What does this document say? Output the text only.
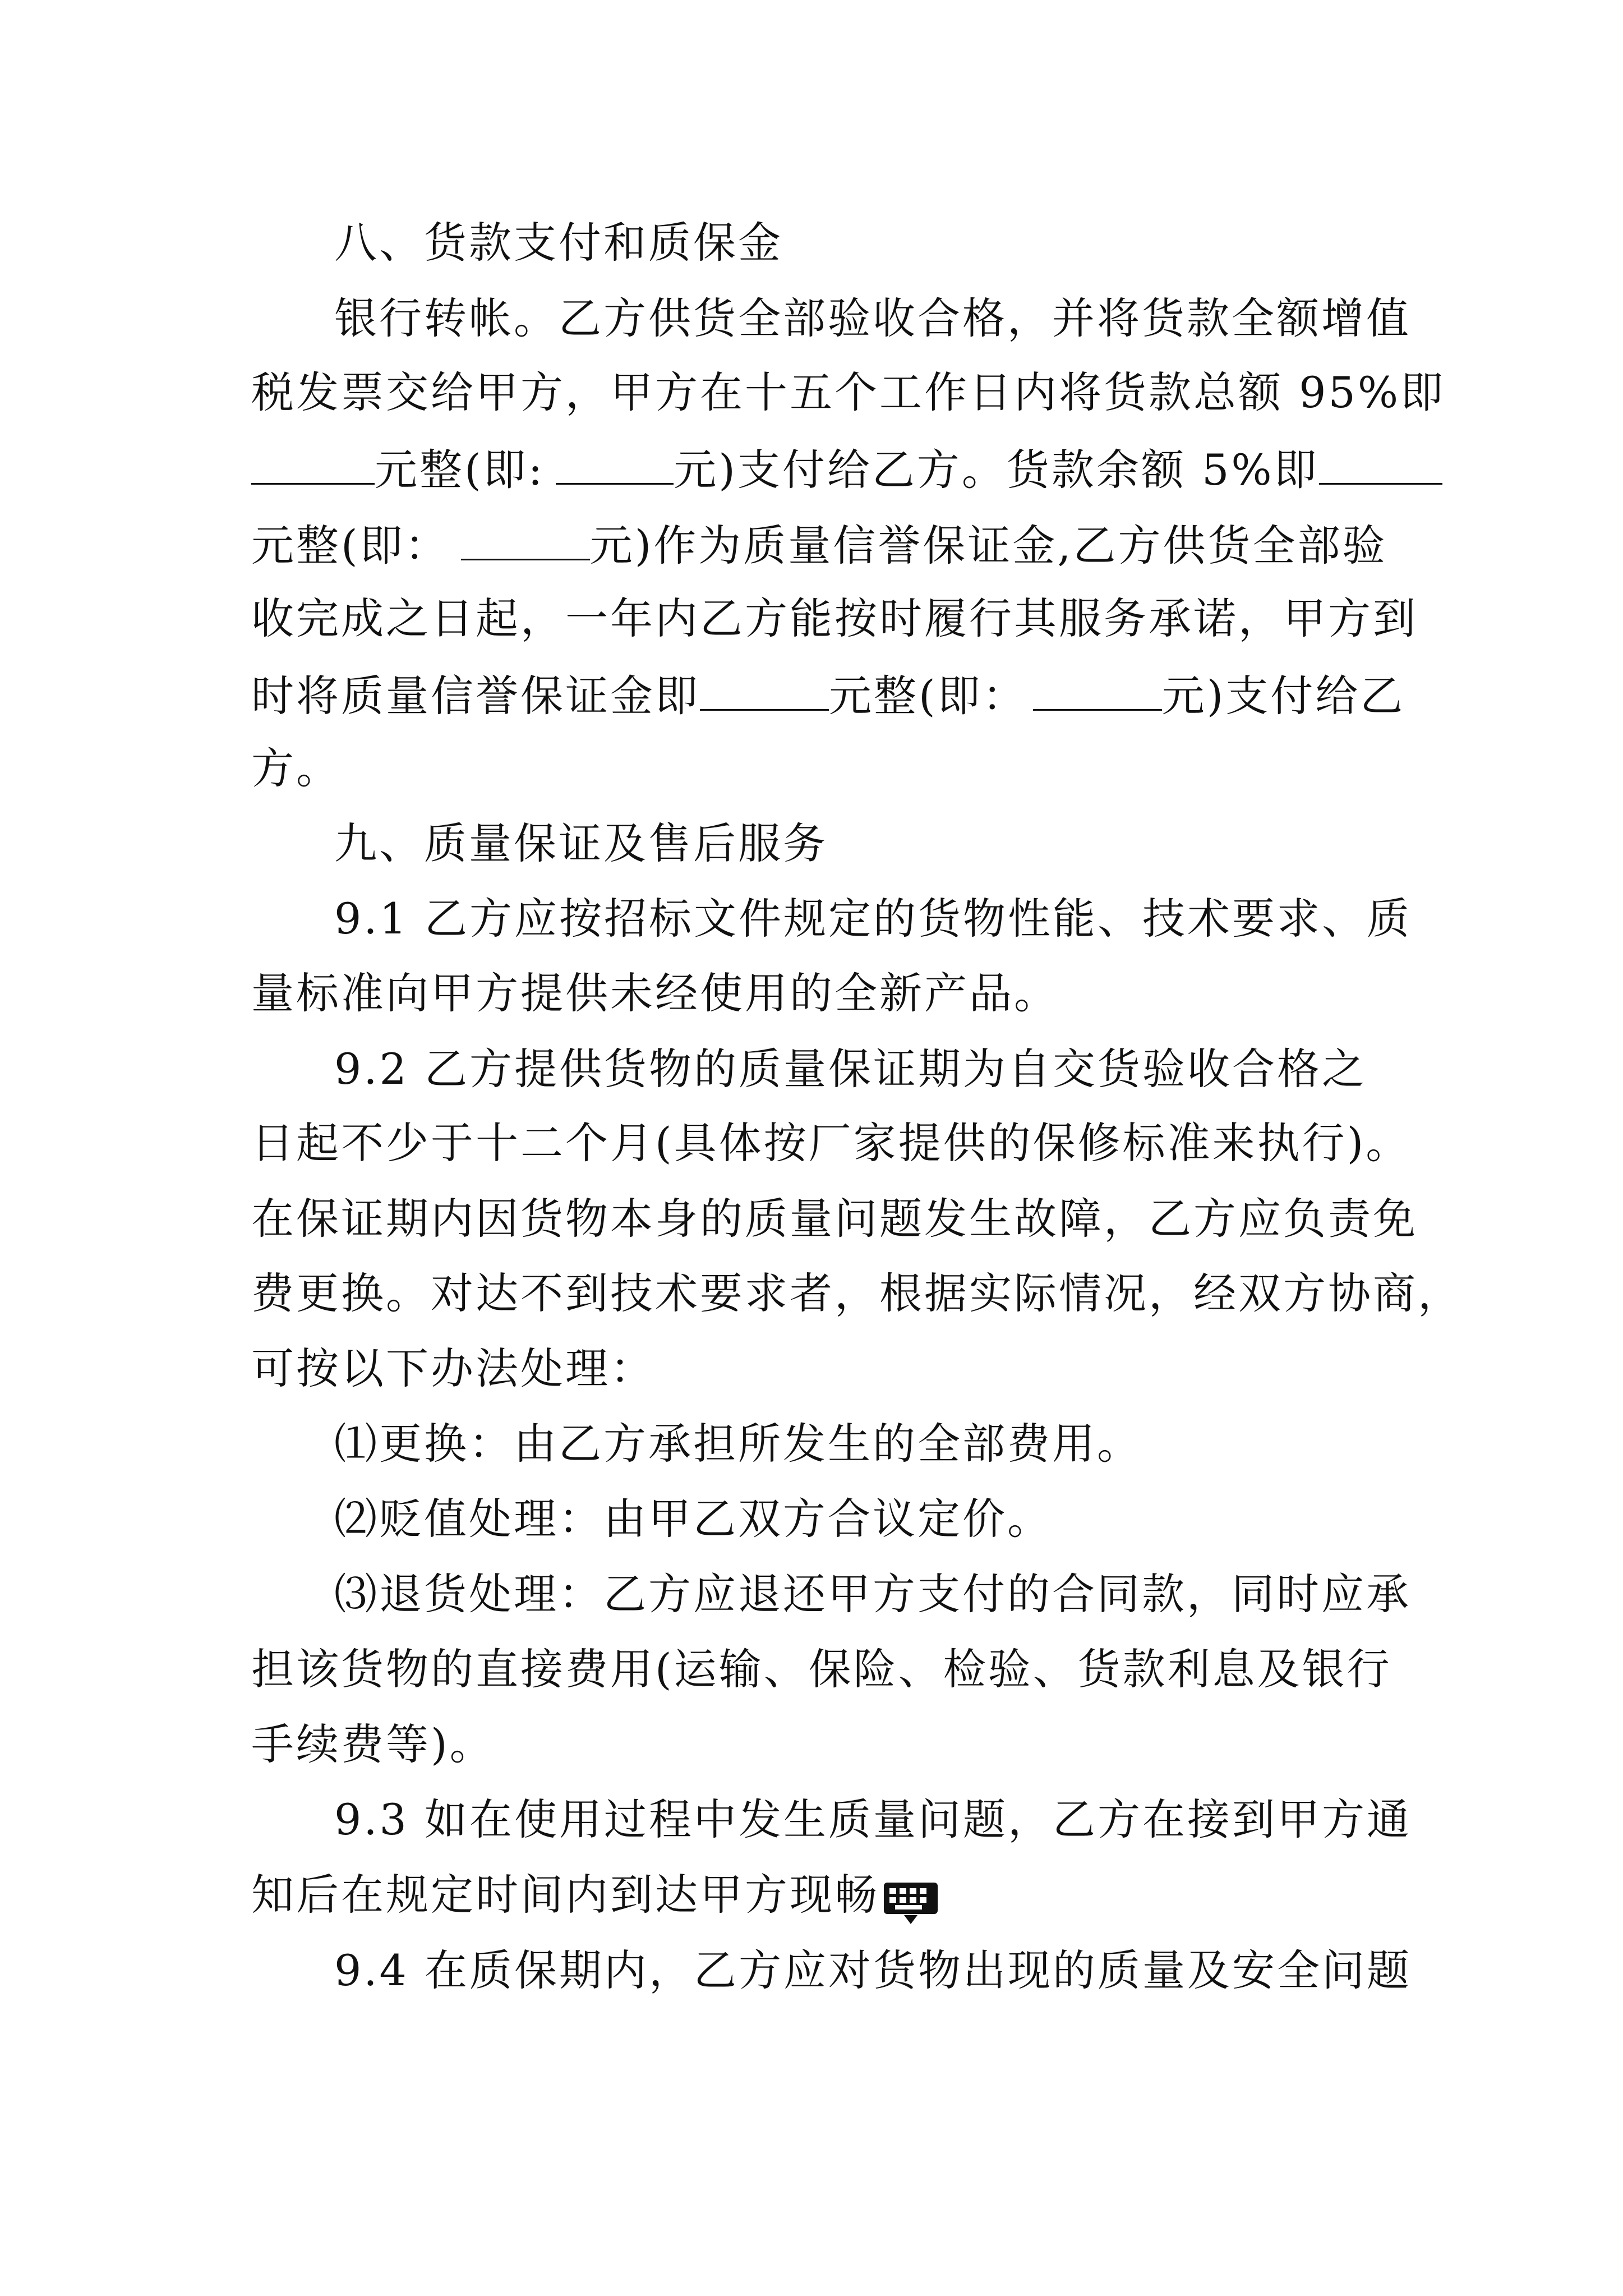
八、货款支付和质保金
银行转帐。乙方供货全部验收合格，并将货款全额增值
税发票交给甲方，甲方在十五个工作日内将货款总额 95%即
元整(即:	元)支付给乙方。货款余额 5%即
元整(即：	元)作为质量信誉保证金,乙方供货全部验
收完成之日起，一年内乙方能按时履行其服务承诺，甲方到
时将质量信誉保证金即	元整(即：	元)支付给乙
方。
九、质量保证及售后服务
9.1 乙方应按招标文件规定的货物性能、技术要求、质
量标准向甲方提供未经使用的全新产品。
9.2 乙方提供货物的质量保证期为自交货验收合格之
日起不少于十二个月(具体按厂家提供的保修标准来执行)。
在保证期内因货物本身的质量问题发生故障，乙方应负责免
费更换。对达不到技术要求者，根据实际情况，经双方协商，
可按以下办法处理：
⑴更换：由乙方承担所发生的全部费用。
⑵贬值处理：由甲乙双方合议定价。
⑶退货处理：乙方应退还甲方支付的合同款，同时应承
担该货物的直接费用(运输、保险、检验、货款利息及银行
手续费等)。
9.3 如在使用过程中发生质量问题，乙方在接到甲方通
知后在规定时间内到达甲方现畅
9.4 在质保期内，乙方应对货物出现的质量及安全问题
